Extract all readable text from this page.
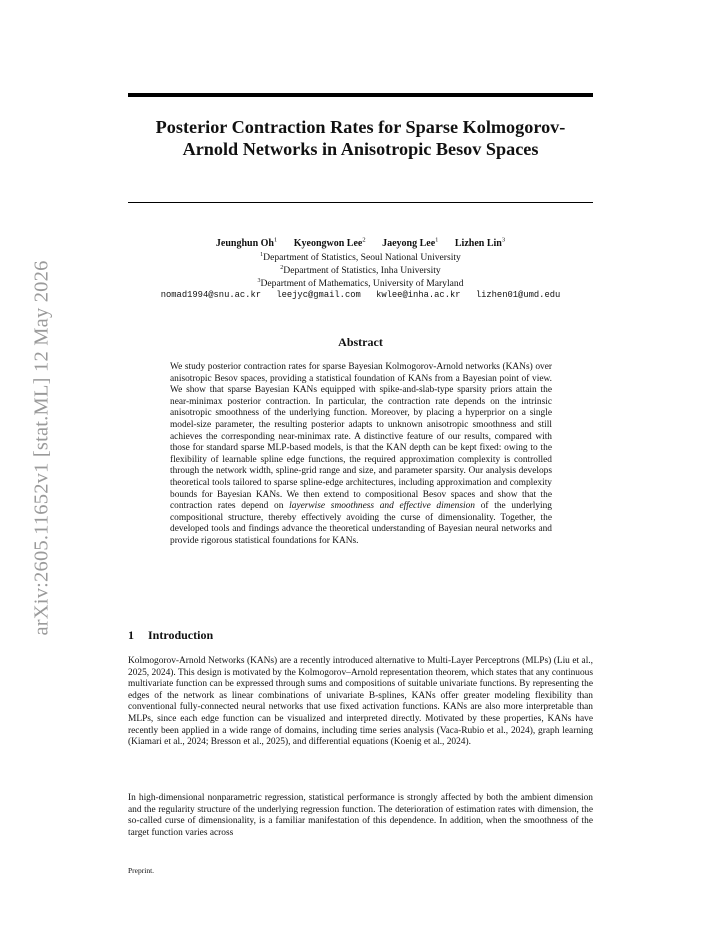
arXiv:2605.11652v1 [stat.ML] 12 May 2026
Posterior Contraction Rates for Sparse Kolmogorov-Arnold Networks in Anisotropic Besov Spaces
Jeunghun Oh$^1$ Kyeongwon Lee$^2$ Jaeyong Lee$^1$ Lizhen Lin$^3$
$^1$Department of Statistics, Seoul National University
$^2$Department of Statistics, Inha University
$^3$Department of Mathematics, University of Maryland
nomad1994@snu.ac.kr leejyc@gmail.com kwlee@inha.ac.kr lizhen01@umd.edu
Abstract
We study posterior contraction rates for sparse Bayesian Kolmogorov-Arnold networks (KANs) over anisotropic Besov spaces, providing a statistical foundation of KANs from a Bayesian point of view. We show that sparse Bayesian KANs equipped with spike-and-slab-type sparsity priors attain the near-minimax posterior contraction. In particular, the contraction rate depends on the intrinsic anisotropic smoothness of the underlying function. Moreover, by placing a hyperprior on a single model-size parameter, the resulting posterior adapts to unknown anisotropic smoothness and still achieves the corresponding near-minimax rate. A distinctive feature of our results, compared with those for standard sparse MLP-based models, is that the KAN depth can be kept fixed: owing to the flexibility of learnable spline edge functions, the required approximation complexity is controlled through the network width, spline-grid range and size, and parameter sparsity. Our analysis develops theoretical tools tailored to sparse spline-edge architectures, including approximation and complexity bounds for Bayesian KANs. We then extend to compositional Besov spaces and show that the contraction rates depend on layerwise smoothness and effective dimension of the underlying compositional structure, thereby effectively avoiding the curse of dimensionality. Together, the developed tools and findings advance the theoretical understanding of Bayesian neural networks and provide rigorous statistical foundations for KANs.
1 Introduction
Kolmogorov-Arnold Networks (KANs) are a recently introduced alternative to Multi-Layer Perceptrons (MLPs) (Liu et al., 2025, 2024). This design is motivated by the Kolmogorov–Arnold representation theorem, which states that any continuous multivariate function can be expressed through sums and compositions of suitable univariate functions. By representing the edges of the network as linear combinations of univariate B-splines, KANs offer greater modeling flexibility than conventional fully-connected neural networks that use fixed activation functions. KANs are also more interpretable than MLPs, since each edge function can be visualized and interpreted directly. Motivated by these properties, KANs have recently been applied in a wide range of domains, including time series analysis (Vaca-Rubio et al., 2024), graph learning (Kiamari et al., 2024; Bresson et al., 2025), and differential equations (Koenig et al., 2024).
In high-dimensional nonparametric regression, statistical performance is strongly affected by both the ambient dimension and the regularity structure of the underlying regression function. The deterioration of estimation rates with dimension, the so-called curse of dimensionality, is a familiar manifestation of this dependence. In addition, when the smoothness of the target function varies across
Preprint.
